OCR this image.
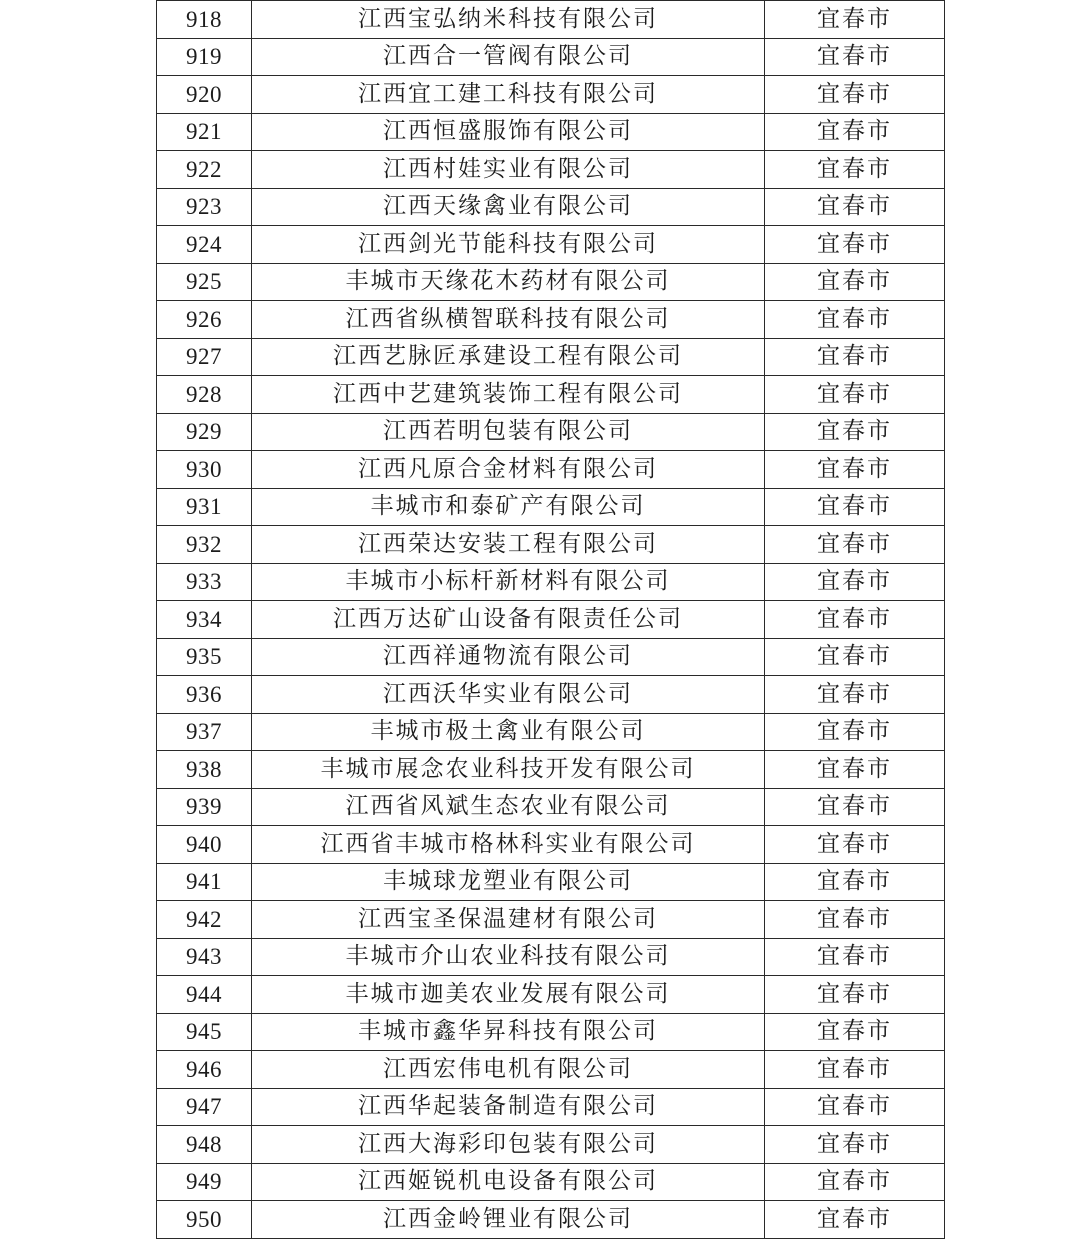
918	江西宝弘纳米科技有限公司	宜春市
919	江西合一管阀有限公司	宜春市
920	江西宜工建工科技有限公司	宜春市
921	江西恒盛服饰有限公司	宜春市
922	江西村娃实业有限公司	宜春市
923	江西天缘禽业有限公司	宜春市
924	江西剑光节能科技有限公司	宜春市
925	丰城市天缘花木药材有限公司	宜春市
926	江西省纵横智联科技有限公司	宜春市
927	江西艺脉匠承建设工程有限公司	宜春市
928	江西中艺建筑装饰工程有限公司	宜春市
929	江西若明包装有限公司	宜春市
930	江西凡原合金材料有限公司	宜春市
931	丰城市和泰矿产有限公司	宜春市
932	江西荣达安装工程有限公司	宜春市
933	丰城市小标杆新材料有限公司	宜春市
934	江西万达矿山设备有限责任公司	宜春市
935	江西祥通物流有限公司	宜春市
936	江西沃华实业有限公司	宜春市
937	丰城市极土禽业有限公司	宜春市
938	丰城市展念农业科技开发有限公司	宜春市
939	江西省风斌生态农业有限公司	宜春市
940	江西省丰城市格林科实业有限公司	宜春市
941	丰城球龙塑业有限公司	宜春市
942	江西宝圣保温建材有限公司	宜春市
943	丰城市介山农业科技有限公司	宜春市
944	丰城市迦美农业发展有限公司	宜春市
945	丰城市鑫华昇科技有限公司	宜春市
946	江西宏伟电机有限公司	宜春市
947	江西华起装备制造有限公司	宜春市
948	江西大海彩印包装有限公司	宜春市
949	江西姬锐机电设备有限公司	宜春市
950	江西金岭锂业有限公司	宜春市
